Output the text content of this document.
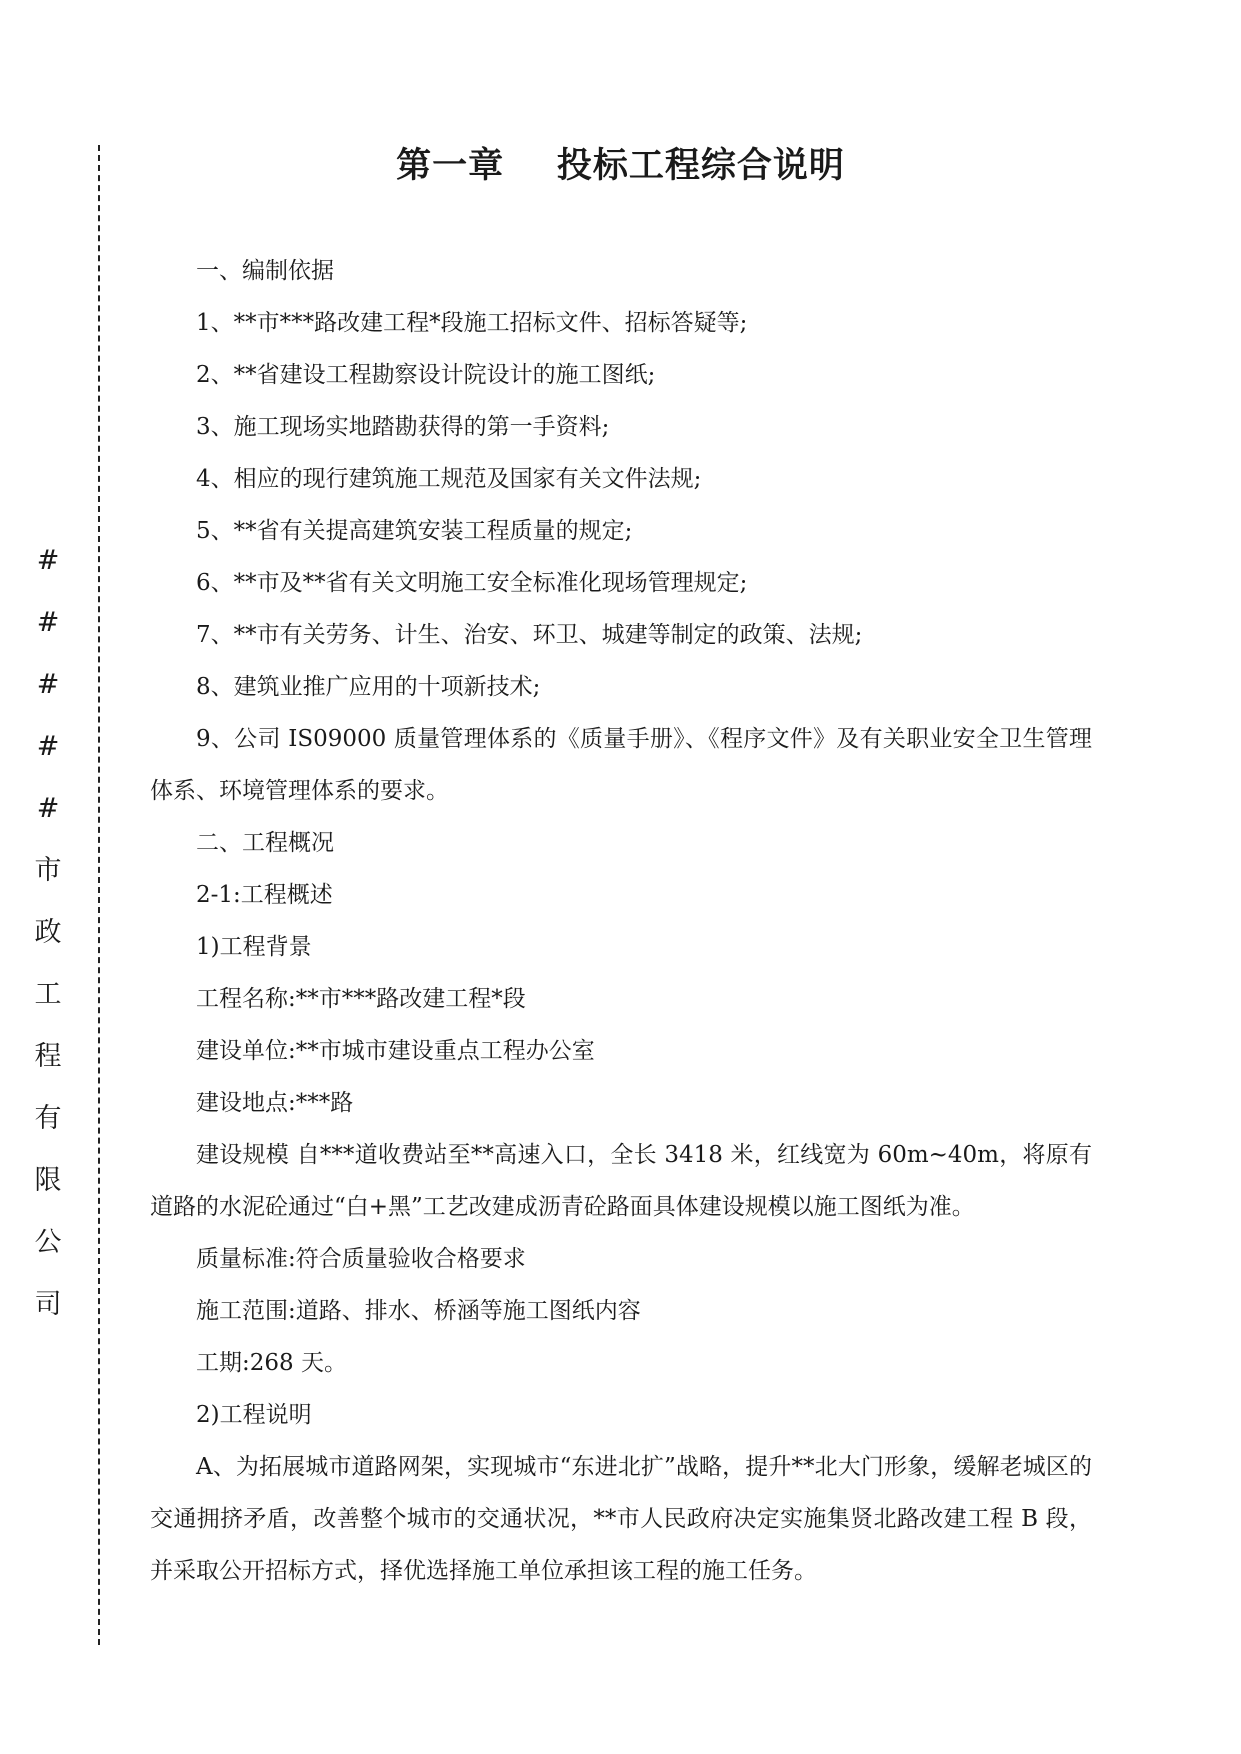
#
#
#
#
#
市
政
工
程
有
限
公
司
第一章    投标工程综合说明

一、编制依据

1、**市***路改建工程*段施工招标文件、招标答疑等;

2、**省建设工程勘察设计院设计的施工图纸;

3、施工现场实地踏勘获得的第一手资料;

4、相应的现行建筑施工规范及国家有关文件法规;

5、**省有关提高建筑安装工程质量的规定;

6、**市及**省有关文明施工安全标准化现场管理规定;

7、**市有关劳务、计生、治安、环卫、城建等制定的政策、法规;

8、建筑业推广应用的十项新技术;

9、公司 IS09000 质量管理体系的《质量手册》、《程序文件》及有关职业安全卫生管理体系、环境管理体系的要求。

二、工程概况

2-1:工程概述

1)工程背景

工程名称:**市***路改建工程*段

建设单位:**市城市建设重点工程办公室

建设地点:***路

建设规模 自***道收费站至**高速入口，全长 3418 米，红线宽为 60m~40m，将原有道路的水泥砼通过“白+黑”工艺改建成沥青砼路面具体建设规模以施工图纸为准。

质量标准:符合质量验收合格要求

施工范围:道路、排水、桥涵等施工图纸内容

工期:268 天。

2)工程说明

A、为拓展城市道路网架，实现城市“东进北扩”战略，提升**北大门形象，缓解老城区的交通拥挤矛盾，改善整个城市的交通状况，**市人民政府决定实施集贤北路改建工程 B 段，并采取公开招标方式，择优选择施工单位承担该工程的施工任务。
